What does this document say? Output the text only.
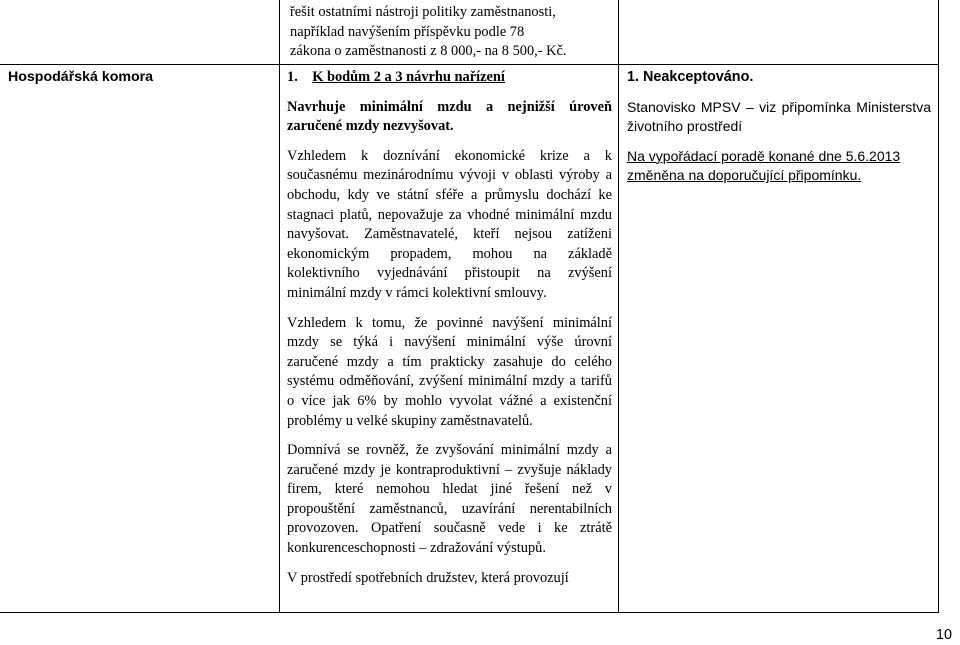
řešit ostatními nástroji politiky zaměstnanosti,
například navýšením příspěvku podle 78
zákona o zaměstnanosti z 8 000,- na 8 500,- Kč.
Hospodářská komora	1. K bodům 2 a 3 návrhu nařízení

Navrhuje minimální mzdu a nejnižší úroveň zaručené mzdy nezvyšovat.

Vzhledem k doznívání ekonomické krize a k současnému mezinárodnímu vývoji v oblasti výroby a obchodu, kdy ve státní sféře a průmyslu dochází ke stagnaci platů, nepovažuje za vhodné minimální mzdu navyšovat. Zaměstnavatelé, kteří nejsou zatíženi ekonomickým propadem, mohou na základě kolektivního vyjednávání přistoupit na zvýšení minimální mzdy v rámci kolektivní smlouvy.

Vzhledem k tomu, že povinné navýšení minimální mzdy se týká i navýšení minimální výše úrovní zaručené mzdy a tím prakticky zasahuje do celého systému odměňování, zvýšení minimální mzdy a tarifů o více jak 6% by mohlo vyvolat vážné a existenční problémy u velké skupiny zaměstnavatelů.

Domnívá se rovněž, že zvyšování minimální mzdy a zaručené mzdy je kontraproduktivní – zvyšuje náklady firem, které nemohou hledat jiné řešení než v propouštění zaměstnanců, uzavírání nerentabilních provozoven. Opatření současně vede i ke ztrátě konkurenceschopnosti – zdražování výstupů.

V prostředí spotřebních družstev, která provozují

1. Neakceptováno.

Stanovisko MPSV – viz připomínka Ministerstva životního prostředí

Na vypořádací poradě konané dne 5.6.2013 změněna na doporučující připomínku.

10
